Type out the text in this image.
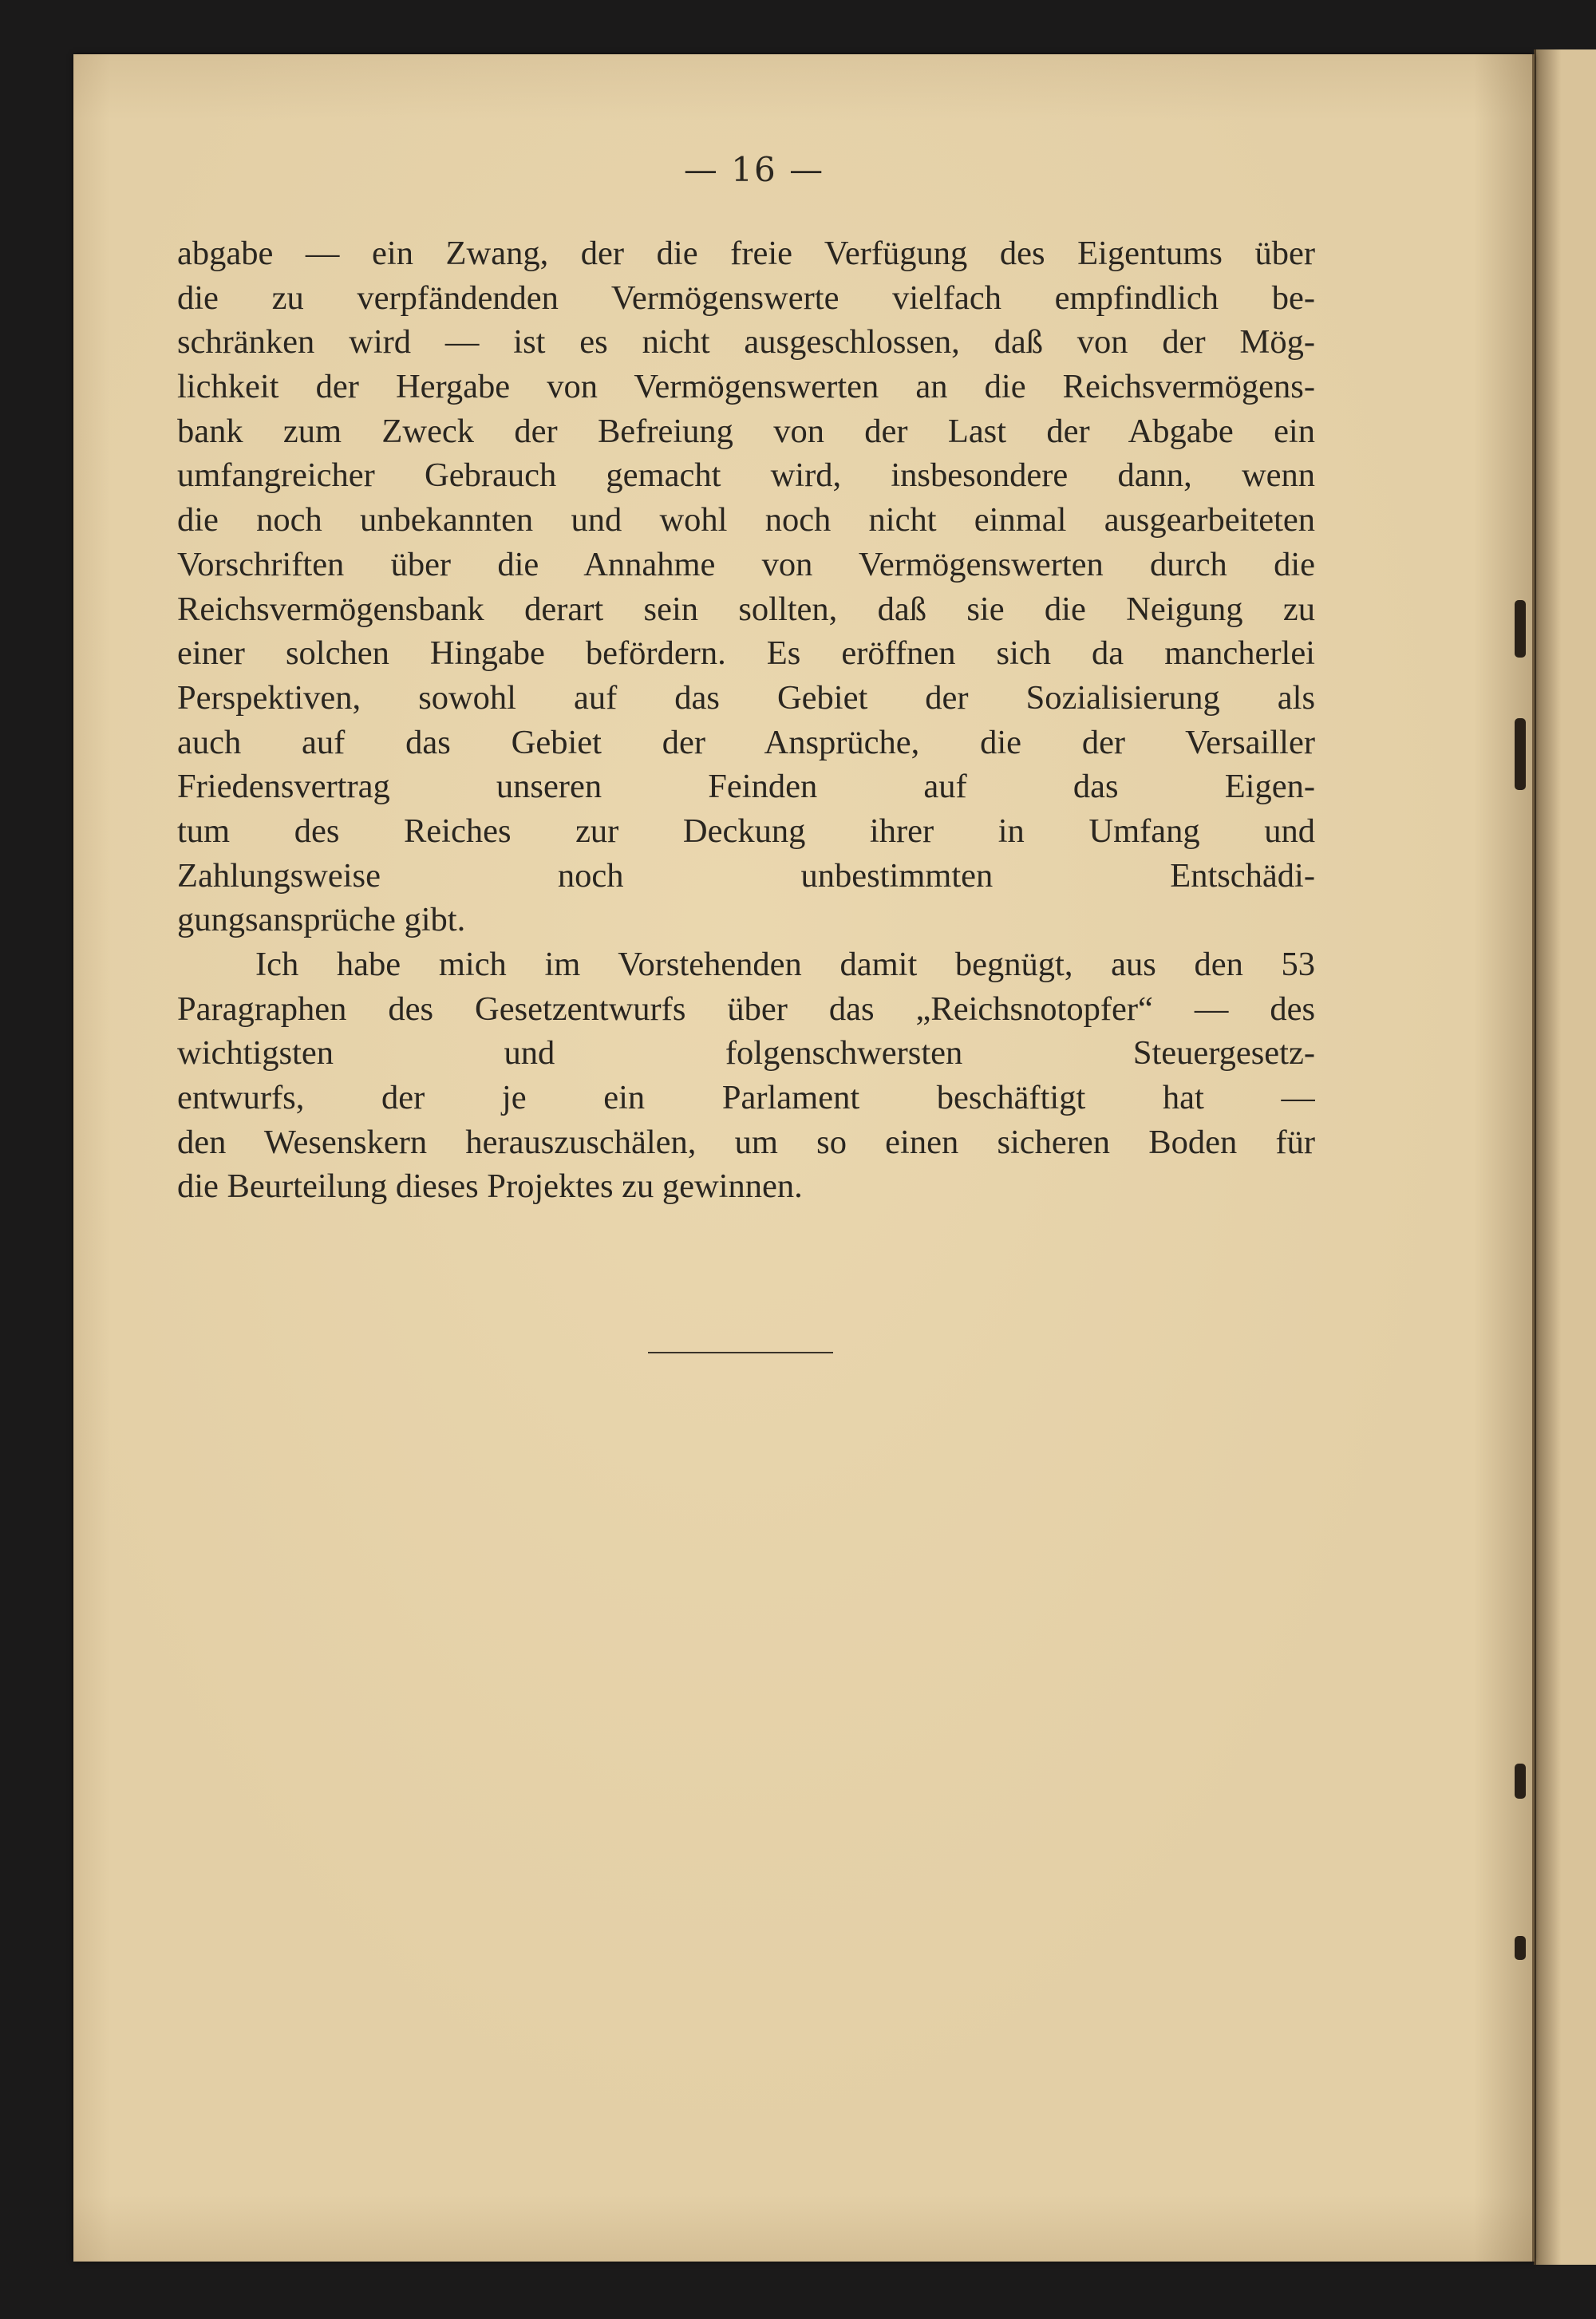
— 16 —
abgabe — ein Zwang, der die freie Verfügung des Eigentums über
die zu verpfändenden Vermögenswerte vielfach empfindlich be-
schränken wird — ist es nicht ausgeschlossen, daß von der Mög-
lichkeit der Hergabe von Vermögenswerten an die Reichsvermögens-
bank zum Zweck der Befreiung von der Last der Abgabe ein
umfangreicher Gebrauch gemacht wird, insbesondere dann, wenn
die noch unbekannten und wohl noch nicht einmal ausgearbeiteten
Vorschriften über die Annahme von Vermögenswerten durch die
Reichsvermögensbank derart sein sollten, daß sie die Neigung zu
einer solchen Hingabe befördern. Es eröffnen sich da mancherlei
Perspektiven, sowohl auf das Gebiet der Sozialisierung als
auch auf das Gebiet der Ansprüche, die der Versailler
Friedensvertrag unseren Feinden auf das Eigen-
tum des Reiches zur Deckung ihrer in Umfang und
Zahlungsweise noch unbestimmten Entschädi-
gungsansprüche gibt.
Ich habe mich im Vorstehenden damit begnügt, aus den 53
Paragraphen des Gesetzentwurfs über das „Reichsnotopfer“ — des
wichtigsten und folgenschwersten Steuergesetz-
entwurfs, der je ein Parlament beschäftigt hat —
den Wesenskern herauszuschälen, um so einen sicheren Boden für
die Beurteilung dieses Projektes zu gewinnen.
